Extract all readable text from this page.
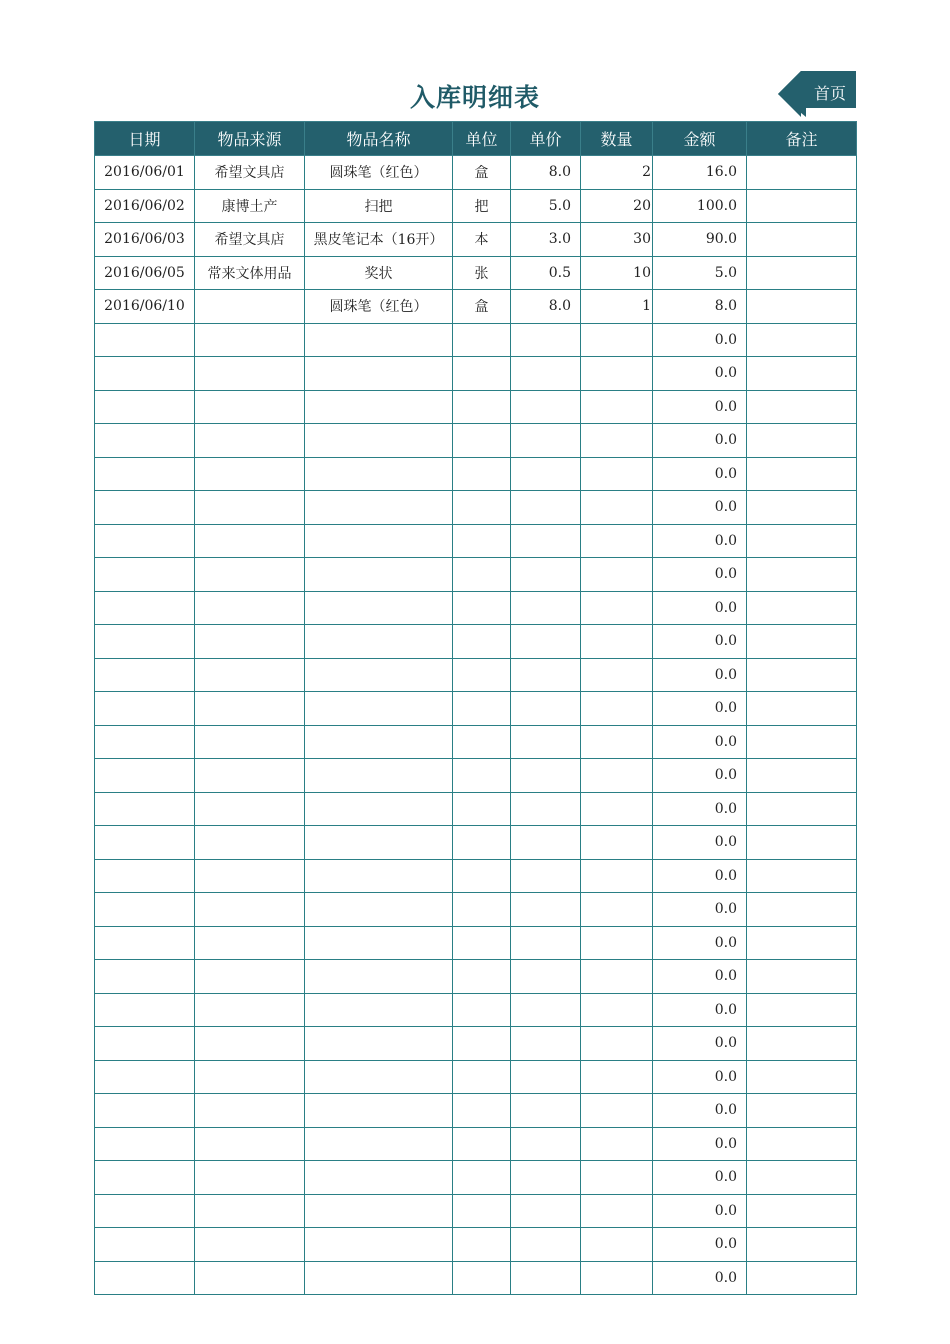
入库明细表	首页
日期	物品来源	物品名称	单位	单价	数量	金额	备注
2016/06/01	希望文具店	圆珠笔（红色）	盒	8.0	2	16.0	
2016/06/02	康博土产	扫把	把	5.0	20	100.0	
2016/06/03	希望文具店	黑皮笔记本（16开）	本	3.0	30	90.0	
2016/06/05	常来文体用品	奖状	张	0.5	10	5.0	
2016/06/10		圆珠笔（红色）	盒	8.0	1	8.0	
						0.0	
						0.0	
						0.0	
						0.0	
						0.0	
						0.0	
						0.0	
						0.0	
						0.0	
						0.0	
						0.0	
						0.0	
						0.0	
						0.0	
						0.0	
						0.0	
						0.0	
						0.0	
						0.0	
						0.0	
						0.0	
						0.0	
						0.0	
						0.0	
						0.0	
						0.0	
						0.0	
						0.0	
						0.0	
